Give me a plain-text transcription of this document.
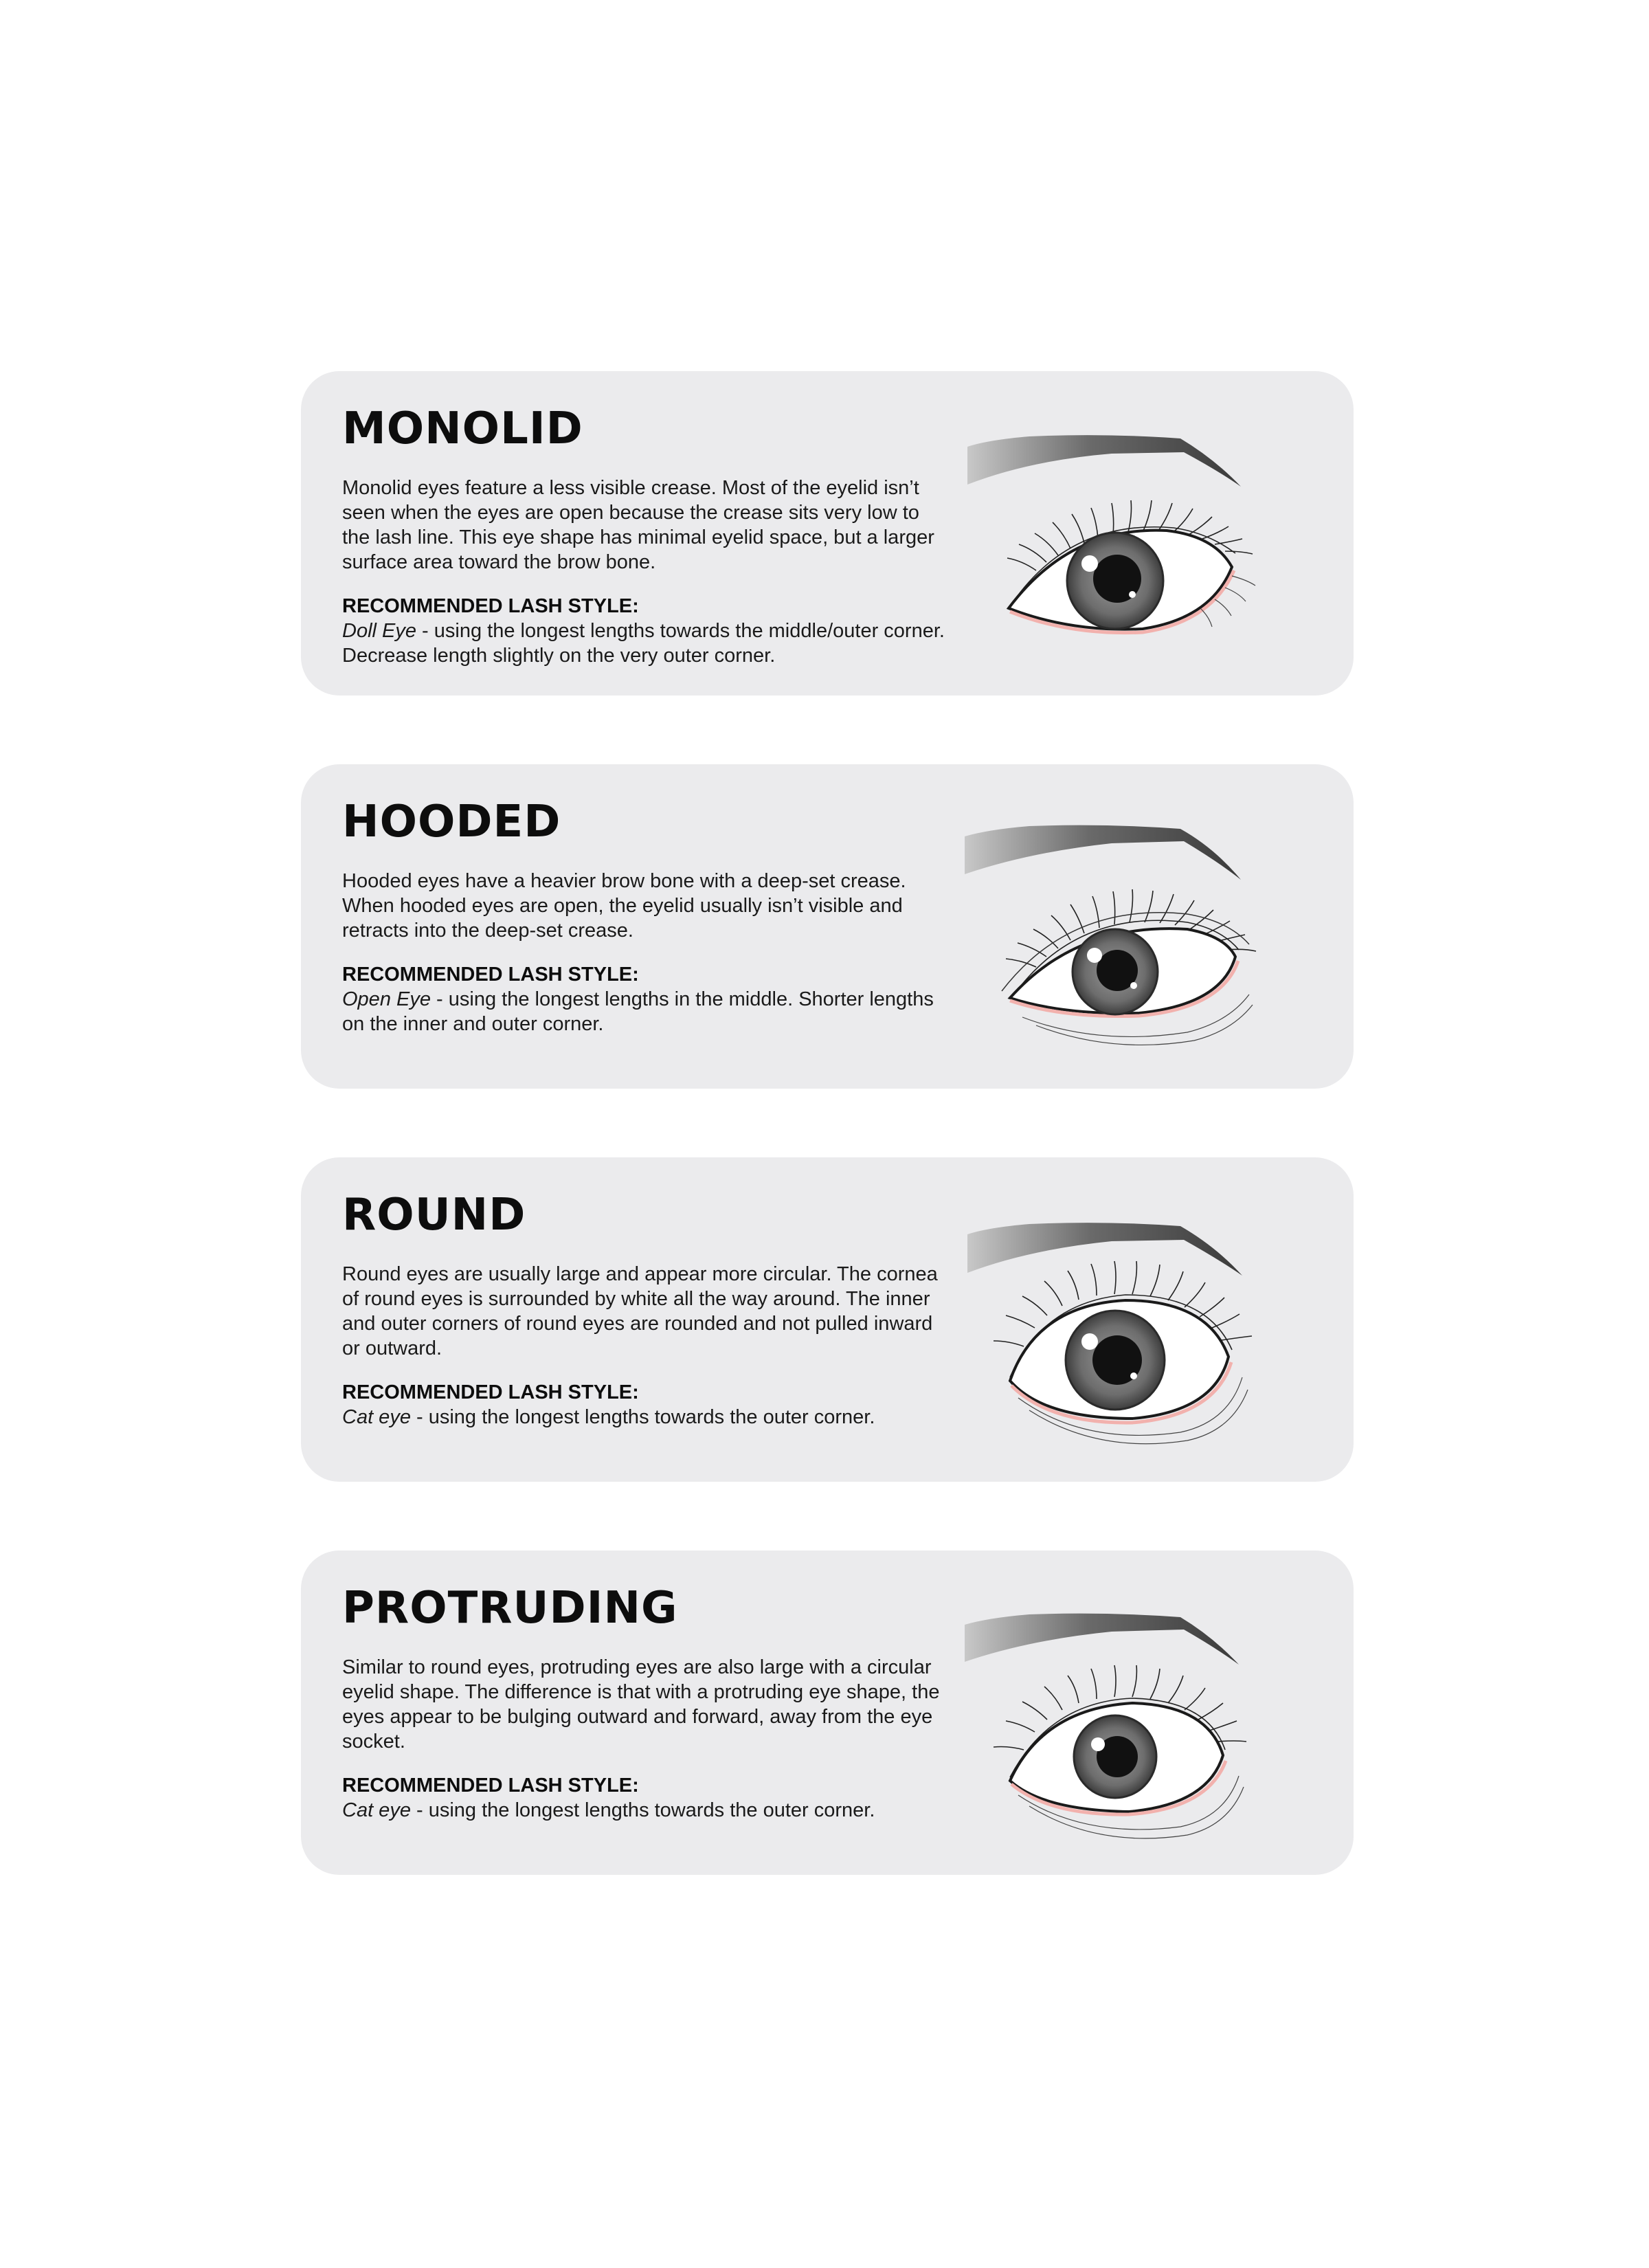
MONOLID

Monolid eyes feature a less visible crease. Most of the eyelid isn’t seen when the eyes are open because the crease sits very low to the lash line. This eye shape has minimal eyelid space, but a larger surface area toward the brow bone.

RECOMMENDED LASH STYLE:

Doll Eye - using the longest lengths towards the middle/outer corner. Decrease length slightly on the very outer corner.

HOODED

Hooded eyes have a heavier brow bone with a deep-set crease. When hooded eyes are open, the eyelid usually isn’t visible and retracts into the deep-set crease.

RECOMMENDED LASH STYLE:

Open Eye - using the longest lengths in the middle. Shorter lengths on the inner and outer corner.

ROUND

Round eyes are usually large and appear more circular. The cornea of round eyes is surrounded by white all the way around. The inner and outer corners of round eyes are rounded and not pulled inward or outward.

RECOMMENDED LASH STYLE:

Cat eye - using the longest lengths towards the outer corner.

PROTRUDING

Similar to round eyes, protruding eyes are also large with a circular eyelid shape. The difference is that with a protruding eye shape, the eyes appear to be bulging outward and forward, away from the eye socket.

RECOMMENDED LASH STYLE:

Cat eye - using the longest lengths towards the outer corner.
